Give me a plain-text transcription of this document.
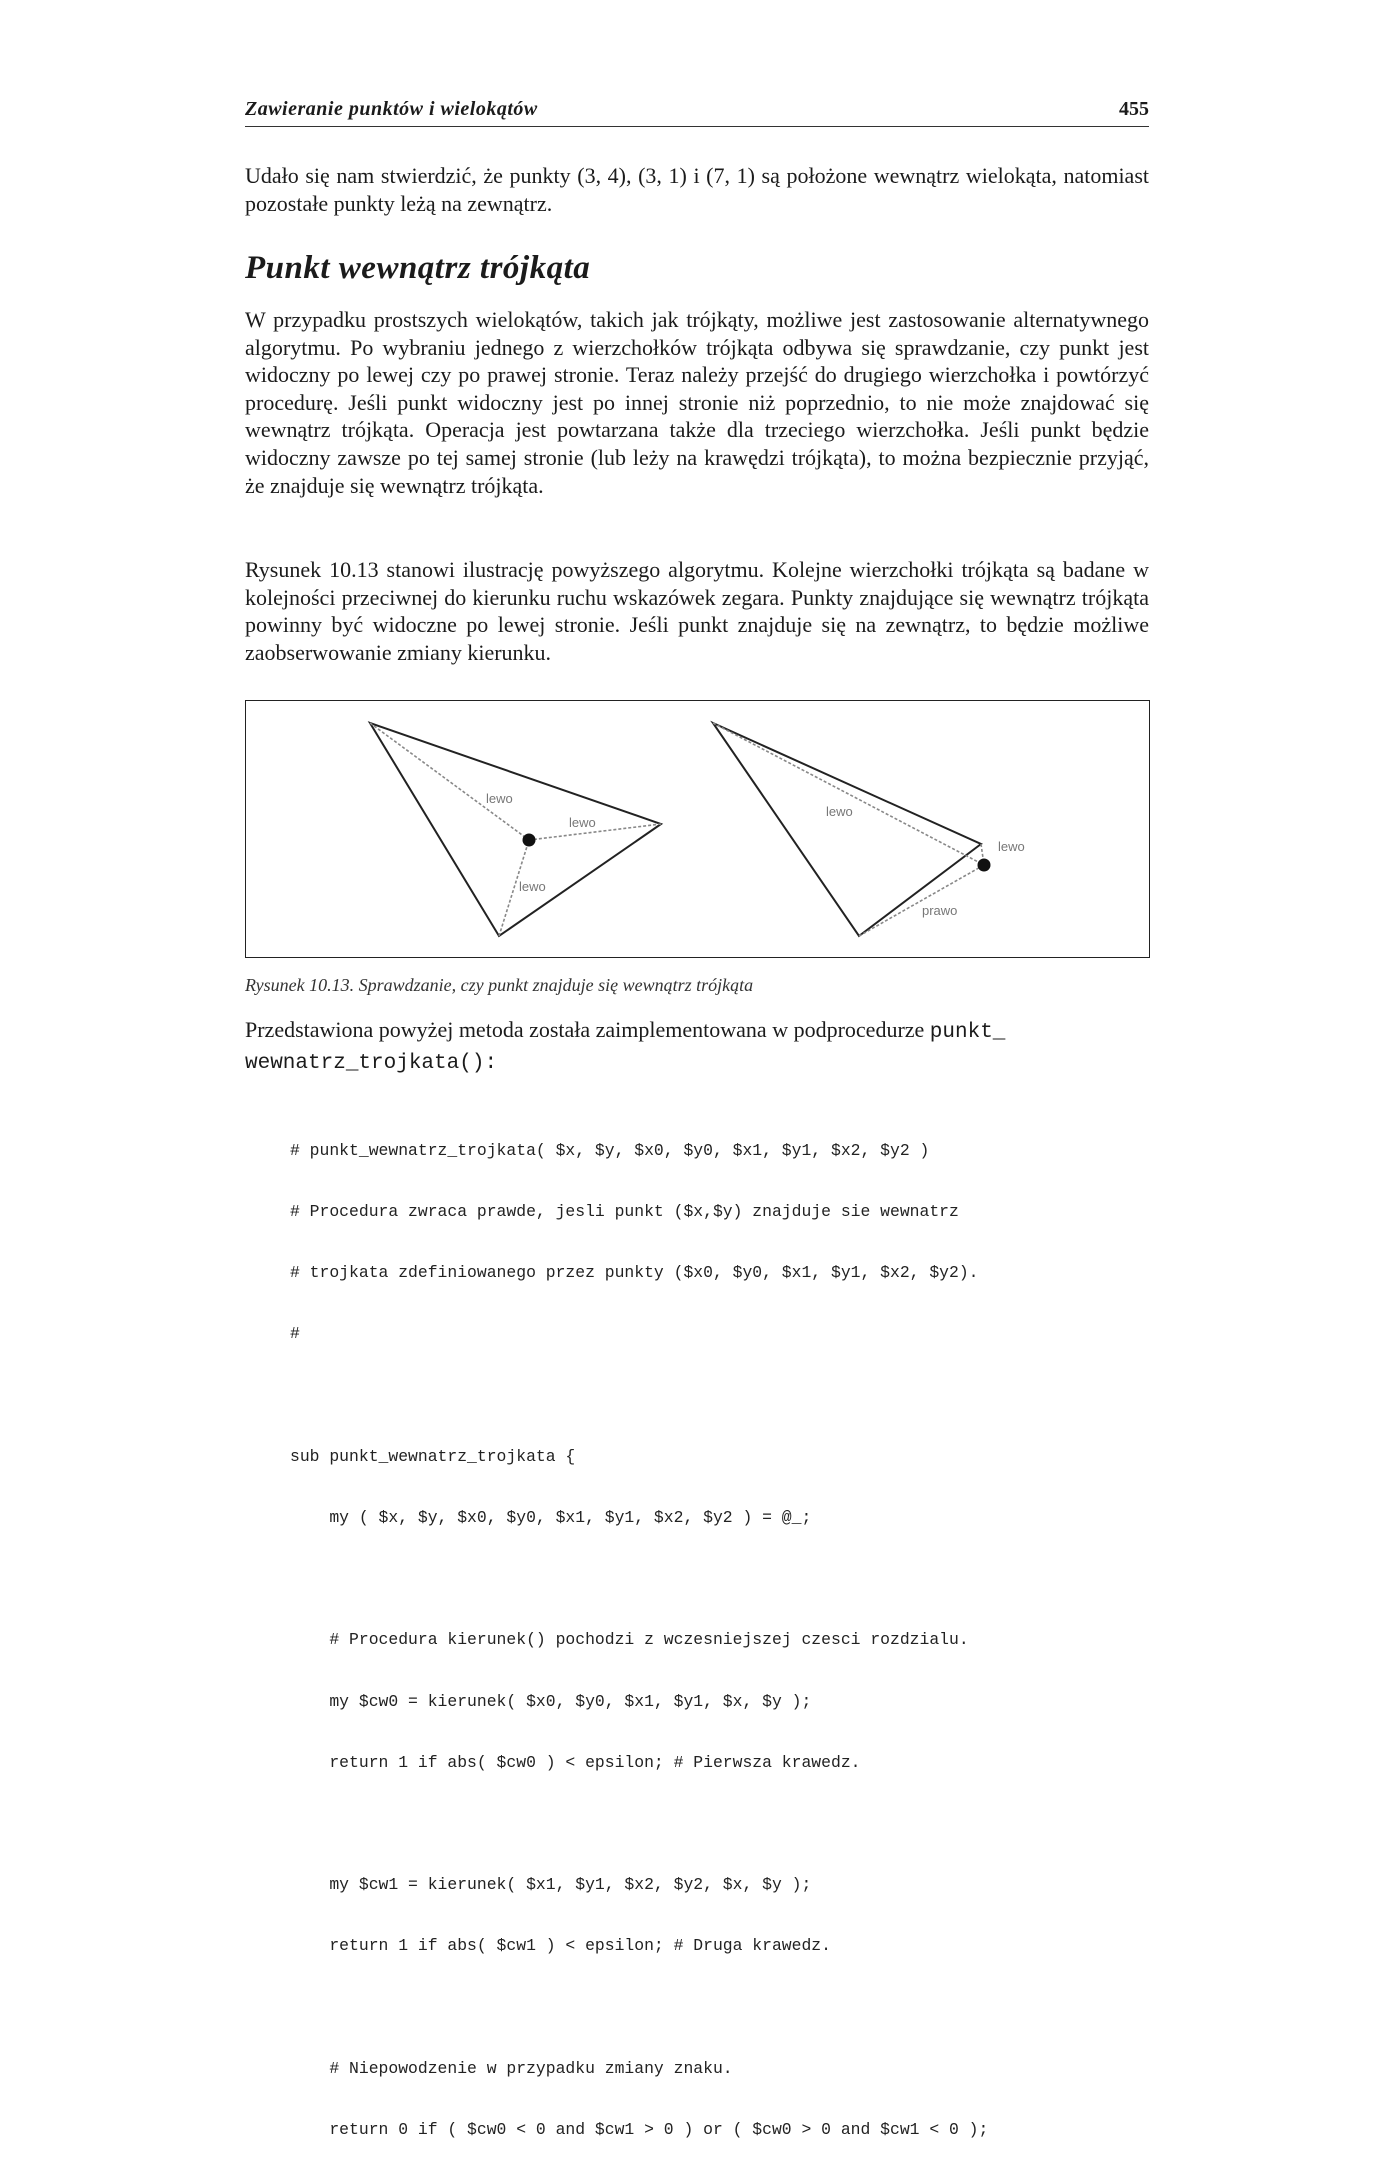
Zawieranie punktów i wielokątów	455
Udało się nam stwierdzić, że punkty (3, 4), (3, 1) i (7, 1) są położone wewnątrz wielokąta, natomiast pozostałe punkty leżą na zewnątrz.
Punkt wewnątrz trójkąta
W przypadku prostszych wielokątów, takich jak trójkąty, możliwe jest zastosowanie alternatywnego algorytmu. Po wybraniu jednego z wierzchołków trójkąta odbywa się sprawdzanie, czy punkt jest widoczny po lewej czy po prawej stronie. Teraz należy przejść do drugiego wierzchołka i powtórzyć procedurę. Jeśli punkt widoczny jest po innej stronie niż poprzednio, to nie może znajdować się wewnątrz trójkąta. Operacja jest powtarzana także dla trzeciego wierzchołka. Jeśli punkt będzie widoczny zawsze po tej samej stronie (lub leży na krawędzi trójkąta), to można bezpiecznie przyjąć, że znajduje się wewnątrz trójkąta.
Rysunek 10.13 stanowi ilustrację powyższego algorytmu. Kolejne wierzchołki trójkąta są badane w kolejności przeciwnej do kierunku ruchu wskazówek zegara. Punkty znajdujące się wewnątrz trójkąta powinny być widoczne po lewej stronie. Jeśli punkt znajduje się na zewnątrz, to będzie możliwe zaobserwowanie zmiany kierunku.
lewo
lewo
lewo
lewo
lewo
prawo
Rysunek 10.13. Sprawdzanie, czy punkt znajduje się wewnątrz trójkąta
Przedstawiona powyżej metoda została zaimplementowana w podprocedurze punkt_
wewnatrz_trojkata():

# punkt_wewnatrz_trojkata( $x, $y, $x0, $y0, $x1, $y1, $x2, $y2 )

# Procedura zwraca prawde, jesli punkt ($x,$y) znajduje sie wewnatrz

# trojkata zdefiniowanego przez punkty ($x0, $y0, $x1, $y1, $x2, $y2).

#

sub punkt_wewnatrz_trojkata {

my ( $x, $y, $x0, $y0, $x1, $y1, $x2, $y2 ) = @_;

# Procedura kierunek() pochodzi z wczesniejszej czesci rozdzialu.

my $cw0 = kierunek( $x0, $y0, $x1, $y1, $x, $y );

return 1 if abs( $cw0 ) < epsilon; # Pierwsza krawedz.

my $cw1 = kierunek( $x1, $y1, $x2, $y2, $x, $y );

return 1 if abs( $cw1 ) < epsilon; # Druga krawedz.

# Niepowodzenie w przypadku zmiany znaku.

return 0 if ( $cw0 < 0 and $cw1 > 0 ) or ( $cw0 > 0 and $cw1 < 0 );
